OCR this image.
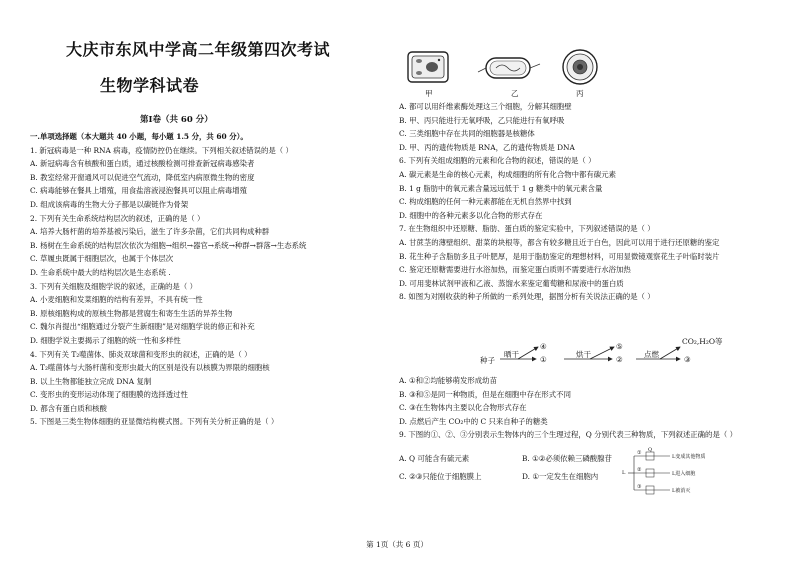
大庆市东风中学高二年级第四次考试
生物学科试卷
第Ⅰ卷（共 60 分）
一.单项选择题（本大题共 40 小题，每小题 1.5 分，共 60 分）。
1. 新冠病毒是一种 RNA 病毒，疫情防控仍在继续。下列相关叙述错误的是（ ）
A. 新冠病毒含有核酸和蛋白质，通过核酸检测可排查新冠病毒感染者
B. 教室经常开窗通风可以促进空气流动，降低室内病原微生物的密度
C. 病毒能够在餐具上增殖，用食盐溶液浸泡餐具可以阻止病毒增殖
D. 组成该病毒的生物大分子都是以碳链作为骨架
2. 下列有关生命系统结构层次的叙述，正确的是（ ）
A. 培养大肠杆菌的培养基被污染后，滋生了许多杂菌，它们共同构成种群
B. 杨树在生命系统的结构层次依次为细胞→组织→器官→系统→种群→群落→生态系统
C. 草履虫既属于细胞层次，也属于个体层次
D. 生命系统中最大的结构层次是生态系统 .
3. 下列有关细胞及细胞学说的叙述，正确的是（ ）
A. 小麦细胞和发菜细胞的结构有差异，不具有统一性
B. 原核细胞构成的原核生物都是营腐生和寄生生活的异养生物
C. 魏尔肖提出“细胞通过分裂产生新细胞”是对细胞学说的修正和补充
D. 细胞学说主要揭示了细胞的统一性和多样性
4. 下列有关 T₂噬菌体、肺炎双球菌和变形虫的叙述，正确的是（ ）
A. T₂噬菌体与大肠杆菌和变形虫最大的区别是没有以核膜为界限的细胞核
B. 以上生物都能独立完成 DNA 复制
C. 变形虫的变形运动体现了细胞膜的选择透过性
D. 都含有蛋白质和核酸
5. 下图是三类生物体细胞的亚显微结构模式图。下列有关分析正确的是（ ）
甲	乙	丙
A. 都可以用纤维素酶处理这三个细胞，分解其细胞壁
B. 甲、丙只能进行无氧呼吸，乙只能进行有氧呼吸
C. 三类细胞中存在共同的细胞器是核糖体
D. 甲、丙的遗传物质是 RNA，乙的遗传物质是 DNA
6. 下列有关组成细胞的元素和化合物的叙述，错误的是（ ）
A. 碳元素是生命的核心元素，构成细胞的所有化合物中都有碳元素
B. 1 g 脂肪中的氧元素含量远远低于 1 g 糖类中的氧元素含量
C. 构成细胞的任何一种元素都能在无机自然界中找到
D. 细胞中的各种元素多以化合物的形式存在
7. 在生物组织中还原糖、脂肪、蛋白质的鉴定实验中，下列叙述错误的是（ ）
A. 甘蔗茎的薄壁组织、甜菜的块根等，都含有较多糖且近于白色，因此可以用于进行还原糖的鉴定
B. 花生种子含脂肪多且子叶肥厚，是用于脂肪鉴定的理想材料，可用显微镜观察花生子叶临时装片
C. 鉴定还原糖需要进行水浴加热，而鉴定蛋白质则不需要进行水浴加热
D. 可用斐林试剂甲液和乙液、蒸馏水来鉴定葡萄糖和尿液中的蛋白质
8. 如图为对刚收获的种子所做的一系列处理，据图分析有关说法正确的是（ ）
种子
晒干
④
①
烘干
⑤
②
点燃
CO₂,H₂O等
③
A. ①和②均能够萌发形成幼苗
B. ③和⑤是同一种物质，但是在细胞中存在形式不同
C. ③在生物体内主要以化合物形式存在
D. 点燃后产生 CO₂中的 C 只来自种子的糖类
9. 下图的①、②、③分别表示生物体内的三个生理过程，Q 分别代表三种物质，下列叙述正确的是（ ）
A. Q 可能含有硫元素	B. ①②必须依赖三磷酸腺苷
C. ②③只能位于细胞膜上	D. ①一定发生在细胞内	L
Q
①
②
③
L变成其他物质
L进入细胞
L被消灭
第 1页（共 6 页）
